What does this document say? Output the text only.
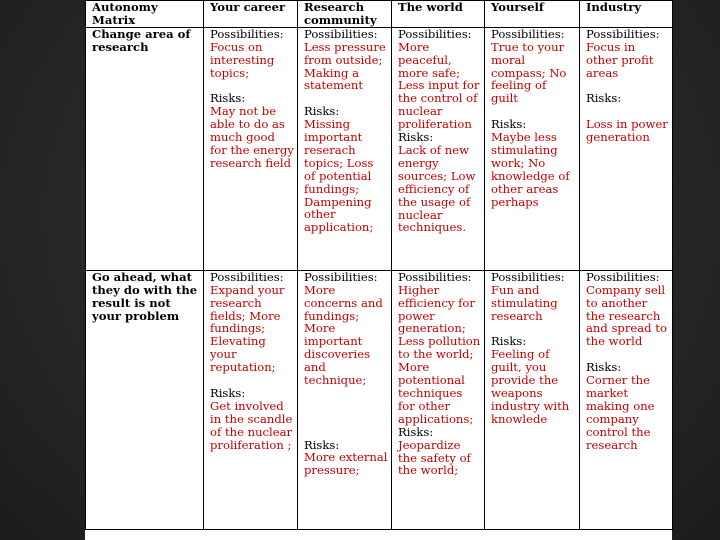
Autonomy Matrix	Your career	Research community	The world	Yourself	Industry
Change area of research	Possibilities:
Focus on interesting topics;
Risks:
May not be able to do as much good for the energy research field	Possibilities:
Less pressure from outside; Making a statement
Risks:
Missing important reserach topics; Loss of potential fundings; Dampening other application;	Possibilities:
More peaceful, more safe; Less input for the control of nuclear proliferation
Risks:
Lack of new energy sources; Low efficiency of the usage of nuclear techniques.	Possibilities:
True to your moral compass; No feeling of guilt
Risks:
Maybe less stimulating work; No knowledge of other areas perhaps	Possibilities:
Focus in other profit areas
Risks:
Loss in power generation

Go ahead, what they do with the result is not your problem	Possibilities:
Expand your research fields; More fundings; Elevating your reputation;
Risks:
Get involved in the scandle of the nuclear proliferation ;	Possibilities:
More concerns and fundings; More important discoveries and technique;
Risks:
More external pressure;	Possibilities:
Higher efficiency for power generation; Less pollution to the world; More potentional techniques for other applications;
Risks:
Jeopardize the safety of the world;	Possibilities:
Fun and stimulating research
Risks:
Feeling of guilt, you provide the weapons industry with knowlede	Possibilities:
Company sell to another the research and spread to the world
Risks:
Corner the market making one company control the research
